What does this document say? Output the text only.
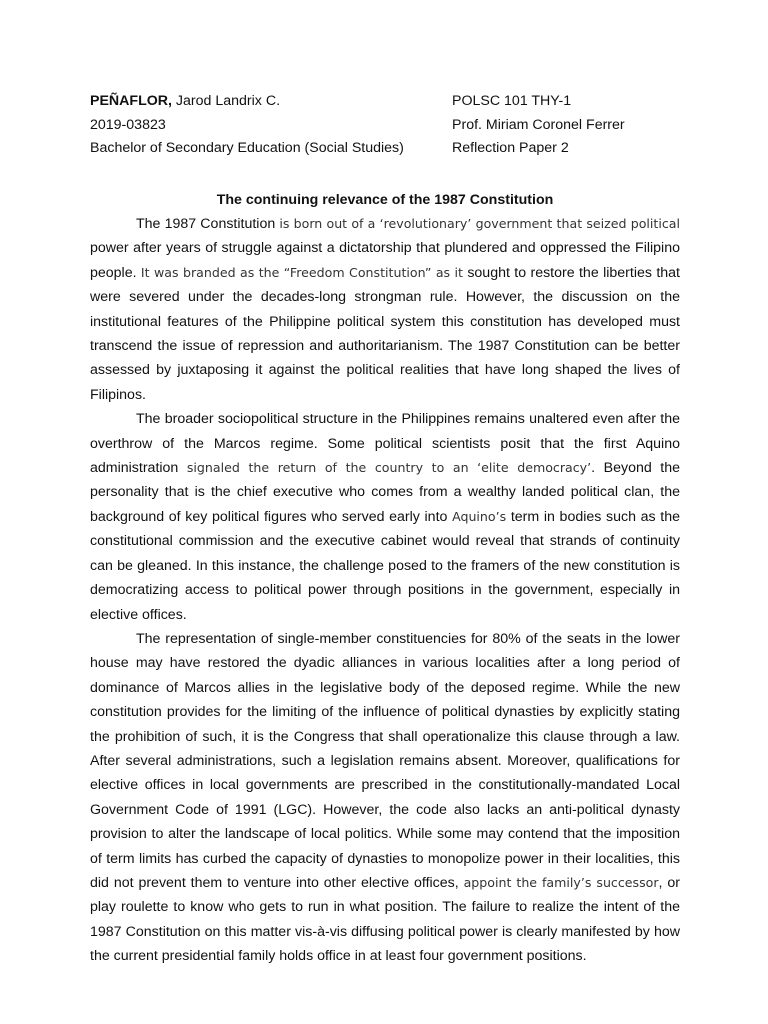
PEÑAFLOR, Jarod Landrix C.	POLSC 101 THY-1
2019-03823	Prof. Miriam Coronel Ferrer
Bachelor of Secondary Education (Social Studies)	Reflection Paper 2
The continuing relevance of the 1987 Constitution

The 1987 Constitution is born out of a ‘revolutionary’ government that seized political power after years of struggle against a dictatorship that plundered and oppressed the Filipino people. It was branded as the “Freedom Constitution” as it sought to restore the liberties that were severed under the decades-long strongman rule. However, the discussion on the institutional features of the Philippine political system this constitution has developed must transcend the issue of repression and authoritarianism. The 1987 Constitution can be better assessed by juxtaposing it against the political realities that have long shaped the lives of Filipinos.

The broader sociopolitical structure in the Philippines remains unaltered even after the overthrow of the Marcos regime. Some political scientists posit that the first Aquino administration signaled the return of the country to an ‘elite democracy’. Beyond the personality that is the chief executive who comes from a wealthy landed political clan, the background of key political figures who served early into Aquino’s term in bodies such as the constitutional commission and the executive cabinet would reveal that strands of continuity can be gleaned. In this instance, the challenge posed to the framers of the new constitution is democratizing access to political power through positions in the government, especially in elective offices.

The representation of single-member constituencies for 80% of the seats in the lower house may have restored the dyadic alliances in various localities after a long period of dominance of Marcos allies in the legislative body of the deposed regime. While the new constitution provides for the limiting of the influence of political dynasties by explicitly stating the prohibition of such, it is the Congress that shall operationalize this clause through a law. After several administrations, such a legislation remains absent. Moreover, qualifications for elective offices in local governments are prescribed in the constitutionally-mandated Local Government Code of 1991 (LGC). However, the code also lacks an anti-political dynasty provision to alter the landscape of local politics. While some may contend that the imposition of term limits has curbed the capacity of dynasties to monopolize power in their localities, this did not prevent them to venture into other elective offices, appoint the family’s successor, or play roulette to know who gets to run in what position. The failure to realize the intent of the 1987 Constitution on this matter vis-à-vis diffusing political power is clearly manifested by how the current presidential family holds office in at least four government positions.
